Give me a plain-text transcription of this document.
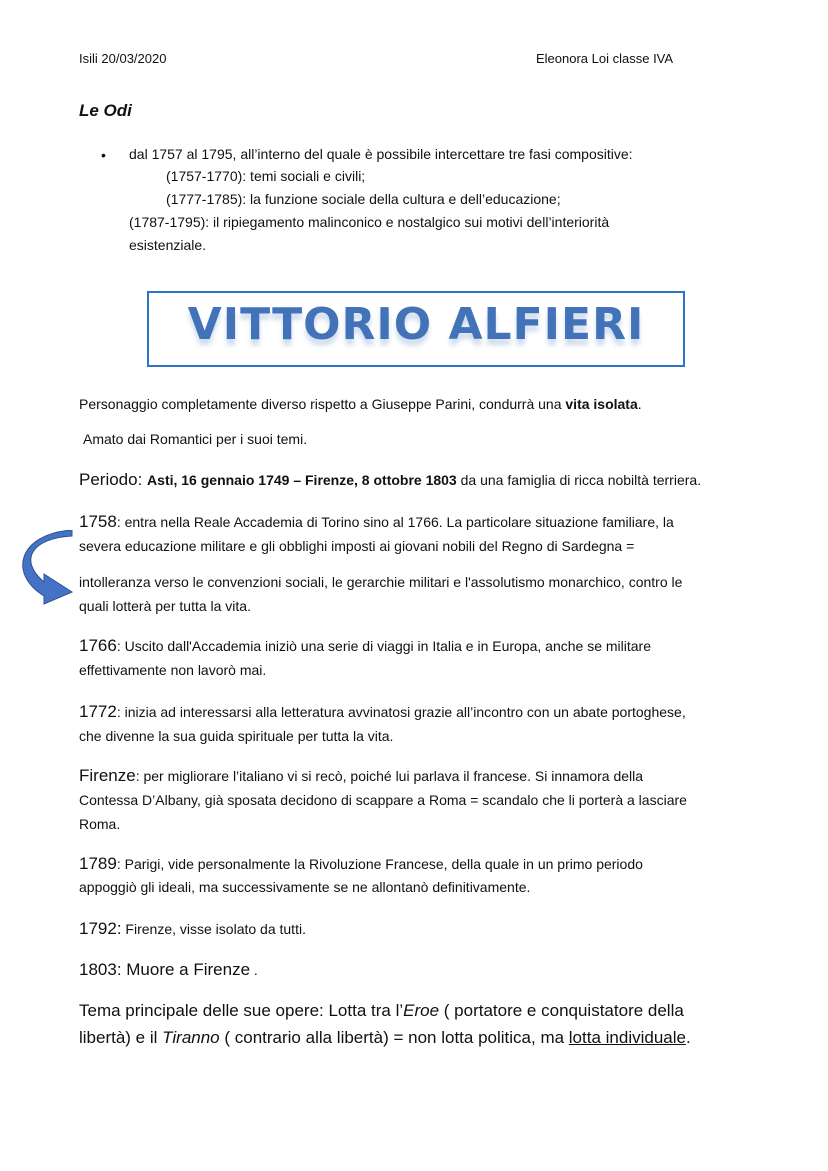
Isili 20/03/2020	Eleonora Loi classe IVA
Le Odi
• dal 1757 al 1795, all’interno del quale è possibile intercettare tre fasi compositive:
(1757-1770): temi sociali e civili;
(1777-1785): la funzione sociale della cultura e dell’educazione;
(1787-1795): il ripiegamento malinconico e nostalgico sui motivi dell’interiorità
esistenziale.
VITTORIO ALFIERI
Personaggio completamente diverso rispetto a Giuseppe Parini, condurrà una vita isolata.
Amato dai Romantici per i suoi temi.
Periodo: Asti, 16 gennaio 1749 – Firenze, 8 ottobre 1803 da una famiglia di ricca nobiltà terriera.
1758: entra nella Reale Accademia di Torino sino al 1766. La particolare situazione familiare, la
severa educazione militare e gli obblighi imposti ai giovani nobili del Regno di Sardegna =
intolleranza verso le convenzioni sociali, le gerarchie militari e l'assolutismo monarchico, contro le
quali lotterà per tutta la vita.
1766: Uscito dall'Accademia iniziò una serie di viaggi in Italia e in Europa, anche se militare
effettivamente non lavorò mai.
1772: inizia ad interessarsi alla letteratura avvinatosi grazie all’incontro con un abate portoghese,
che divenne la sua guida spirituale per tutta la vita.
Firenze: per migliorare l’italiano vi si recò, poiché lui parlava il francese. Si innamora della
Contessa D’Albany, già sposata decidono di scappare a Roma = scandalo che li porterà a lasciare
Roma.
1789: Parigi, vide personalmente la Rivoluzione Francese, della quale in un primo periodo
appoggiò gli ideali, ma successivamente se ne allontanò definitivamente.
1792: Firenze, visse isolato da tutti.
1803: Muore a Firenze .
Tema principale delle sue opere: Lotta tra l’Eroe ( portatore e conquistatore della
libertà) e il Tiranno ( contrario alla libertà) = non lotta politica, ma lotta individuale.
